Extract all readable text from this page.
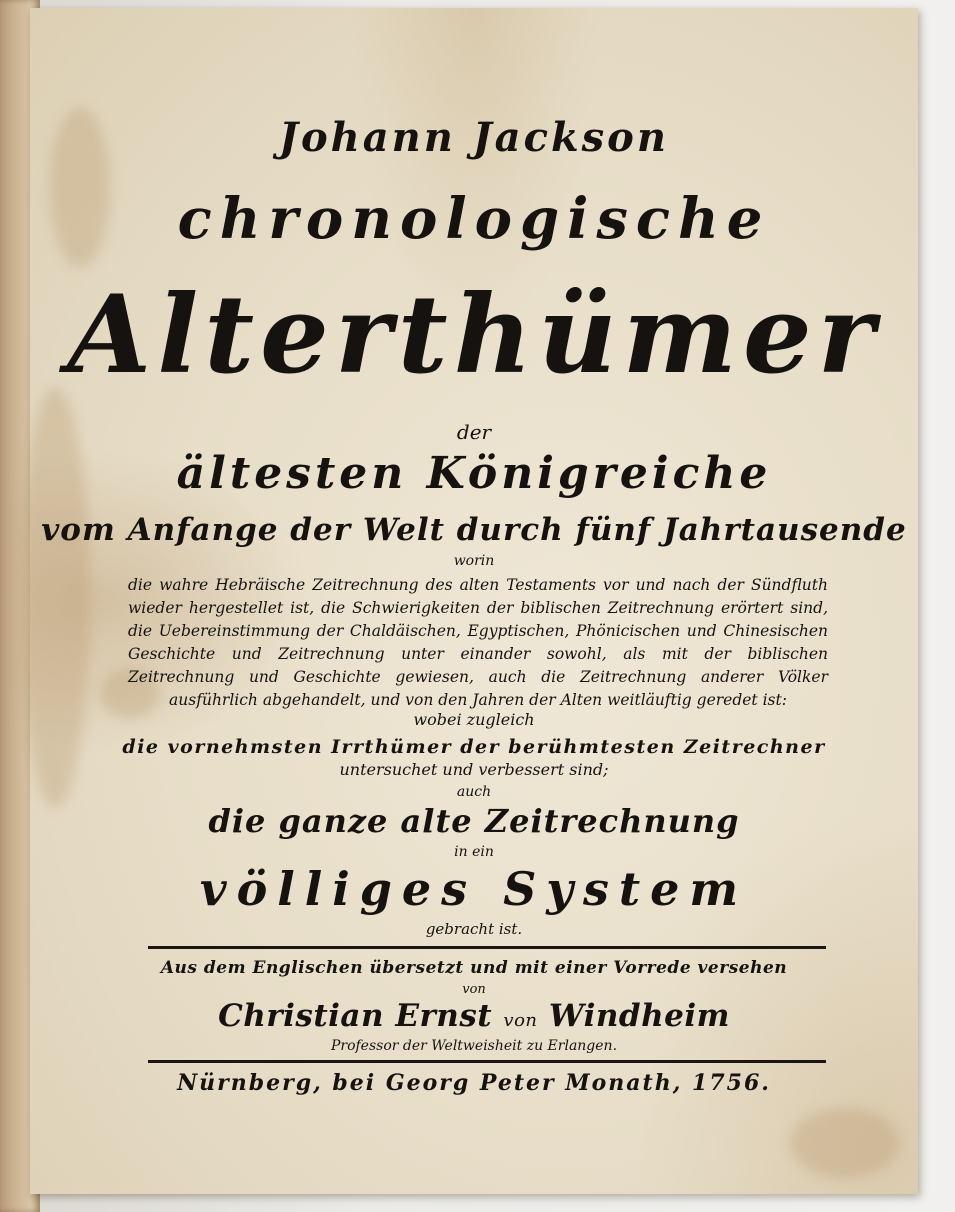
Johann Jackson
chronologische
Alterthümer
der
ältesten Königreiche
vom Anfange der Welt durch fünf Jahrtausende
worin
die wahre Hebräische Zeitrechnung des alten Testaments vor und nach der Sündfluth wieder hergestellet ist, die Schwierigkeiten der biblischen Zeitrechnung erörtert sind, die Uebereinstimmung der Chaldäischen, Egyptischen, Phönicischen und Chinesischen Geschichte und Zeitrechnung unter einander sowohl, als mit der biblischen Zeitrechnung und Geschichte gewiesen, auch die Zeitrechnung anderer Völker ausführlich abgehandelt, und von den Jahren der Alten weitläuftig geredet ist:
wobei zugleich
die vornehmsten Irrthümer der berühmtesten Zeitrechner
untersuchet und verbessert sind;
auch
die ganze alte Zeitrechnung
in ein
völliges System
gebracht ist.
Aus dem Englischen übersetzt und mit einer Vorrede versehen
von
Christian Ernst von Windheim
Professor der Weltweisheit zu Erlangen.
Nürnberg, bei Georg Peter Monath, 1756.
